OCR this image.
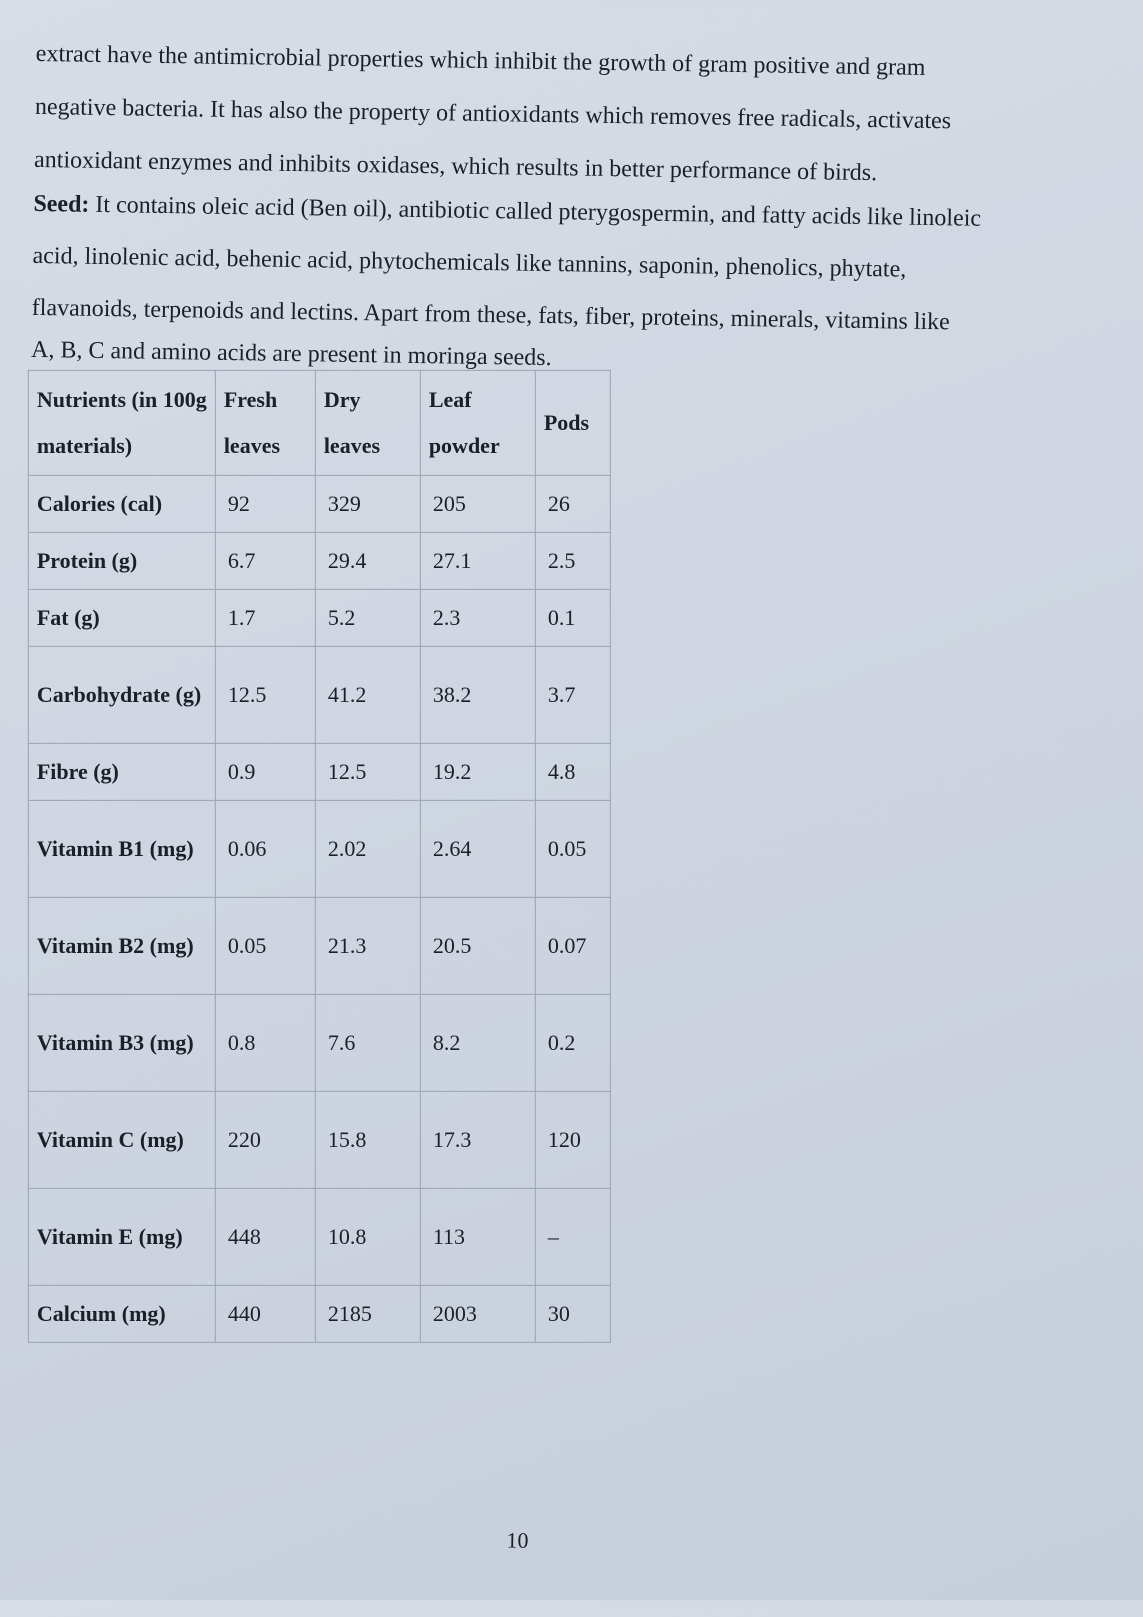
extract have the antimicrobial properties which inhibit the growth of gram positive and gram

negative bacteria. It has also the property of antioxidants which removes free radicals, activates

antioxidant enzymes and inhibits oxidases, which results in better performance of birds.

Seed: It contains oleic acid (Ben oil), antibiotic called pterygospermin, and fatty acids like linoleic

acid, linolenic acid, behenic acid, phytochemicals like tannins, saponin, phenolics, phytate,

flavanoids, terpenoids and lectins. Apart from these, fats, fiber, proteins, minerals, vitamins like

A, B, C and amino acids are present in moringa seeds.

Nutrients (in 100g materials)	Fresh leaves	Dry leaves	Leaf powder	Pods
Calories (cal)	92	329	205	26
Protein (g)	6.7	29.4	27.1	2.5
Fat (g)	1.7	5.2	2.3	0.1
Carbohydrate (g)	12.5	41.2	38.2	3.7
Fibre (g)	0.9	12.5	19.2	4.8
Vitamin B1 (mg)	0.06	2.02	2.64	0.05
Vitamin B2 (mg)	0.05	21.3	20.5	0.07
Vitamin B3 (mg)	0.8	7.6	8.2	0.2
Vitamin C (mg)	220	15.8	17.3	120
Vitamin E (mg)	448	10.8	113	–
Calcium (mg)	440	2185	2003	30
10
